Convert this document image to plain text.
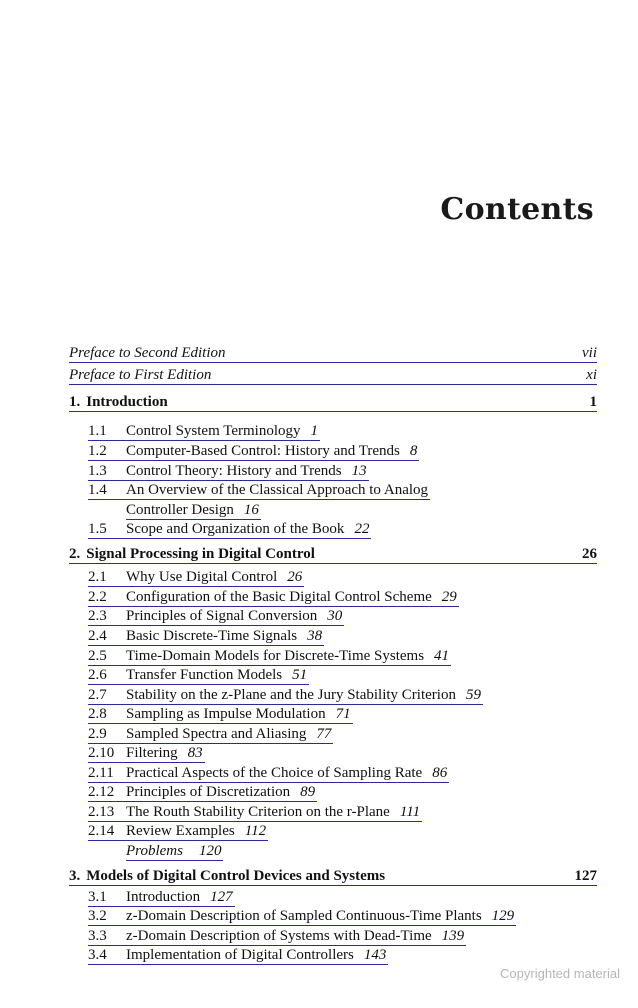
Contents
Preface to Second Edition	vii
Preface to First Edition	xi
1. Introduction	1
1.1 Control System Terminology 1
1.2 Computer-Based Control: History and Trends 8
1.3 Control Theory: History and Trends 13
1.4 An Overview of the Classical Approach to Analog
Controller Design 16
1.5 Scope and Organization of the Book 22
2. Signal Processing in Digital Control	26
2.1 Why Use Digital Control 26
2.2 Configuration of the Basic Digital Control Scheme 29
2.3 Principles of Signal Conversion 30
2.4 Basic Discrete-Time Signals 38
2.5 Time-Domain Models for Discrete-Time Systems 41
2.6 Transfer Function Models 51
2.7 Stability on the z-Plane and the Jury Stability Criterion 59
2.8 Sampling as Impulse Modulation 71
2.9 Sampled Spectra and Aliasing 77
2.10 Filtering 83
2.11 Practical Aspects of the Choice of Sampling Rate 86
2.12 Principles of Discretization 89
2.13 The Routh Stability Criterion on the r-Plane 111
2.14 Review Examples 112
Problems 120
3. Models of Digital Control Devices and Systems	127
3.1 Introduction 127
3.2 z-Domain Description of Sampled Continuous-Time Plants 129
3.3 z-Domain Description of Systems with Dead-Time 139
3.4 Implementation of Digital Controllers 143
Copyrighted material
